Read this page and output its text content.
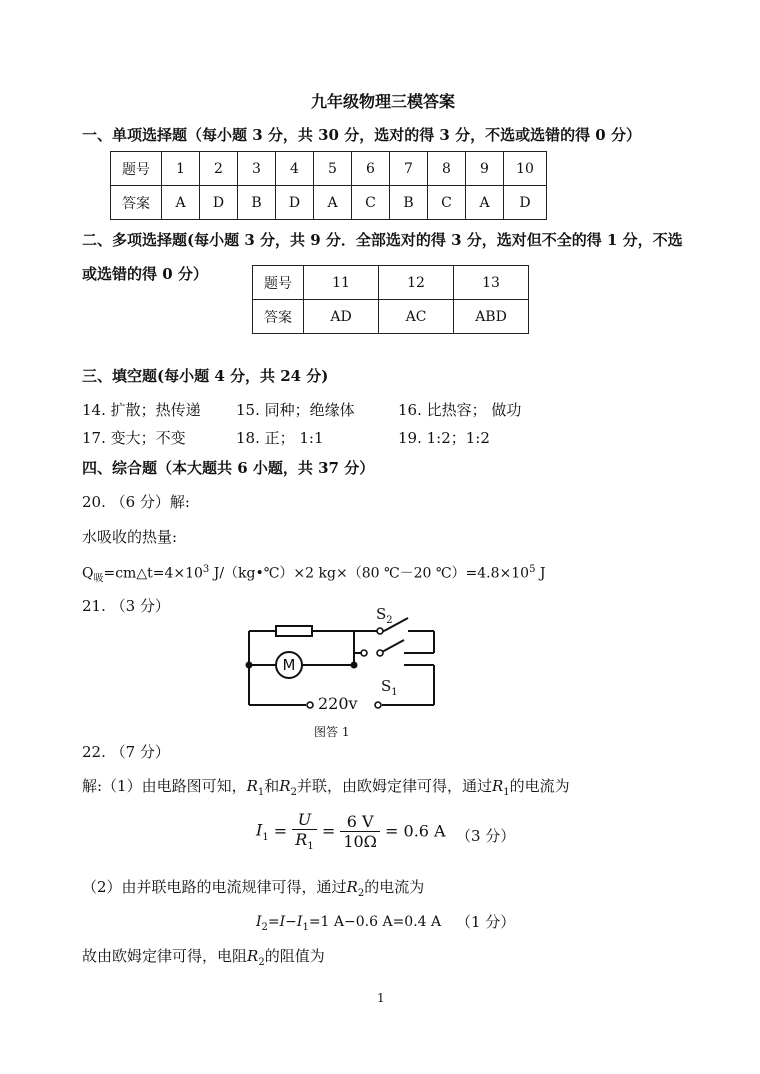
九年级物理三模答案
一、单项选择题（每小题 3 分，共 30 分，选对的得 3 分，不选或选错的得 0 分）
题号	1	2	3	4	5	6	7	8	9	10
答案	A	D	B	D	A	C	B	C	A	D
二、多项选择题(每小题 3 分，共 9 分．全部选对的得 3 分，选对但不全的得 1 分，不选
或选错的得 0 分）
题号	11	12	13
答案	AD	AC	ABD
三、填空题(每小题 4 分，共 24 分)
14. 扩散；热传递 15. 同种；绝缘体	16. 比热容； 做功
17. 变大；不变	18. 正； 1:1	19. 1:2；1:2
四、综合题（本大题共 6 小题，共 37 分）
20. （6 分）解:
水吸收的热量:
$Q_吸=cm\triangle t=4\times 10^3$ J/（kg•℃）×2 kg×（80 ℃－20 $℃)=4.8\times 10^5$ J
21. （3 分）	$S_2$
$S_1$
M
220v
图答 1
22. （7 分）
解:（1）由电路图可知，$R_1$和$R_2$并联，由欧姆定律可得，通过$R_1$的电流为
$I_1 = \frac{U}{R_1} = \frac{6 V}{10\Omega} = 0.6$ A （3 分）
（2）由并联电路的电流规律可得，通过$R_2$的电流为
$I_2=I-I_1=1$ A−0.6 A=0.4 A （1 分）
故由欧姆定律可得，电阻$R_2$的阻值为
1
